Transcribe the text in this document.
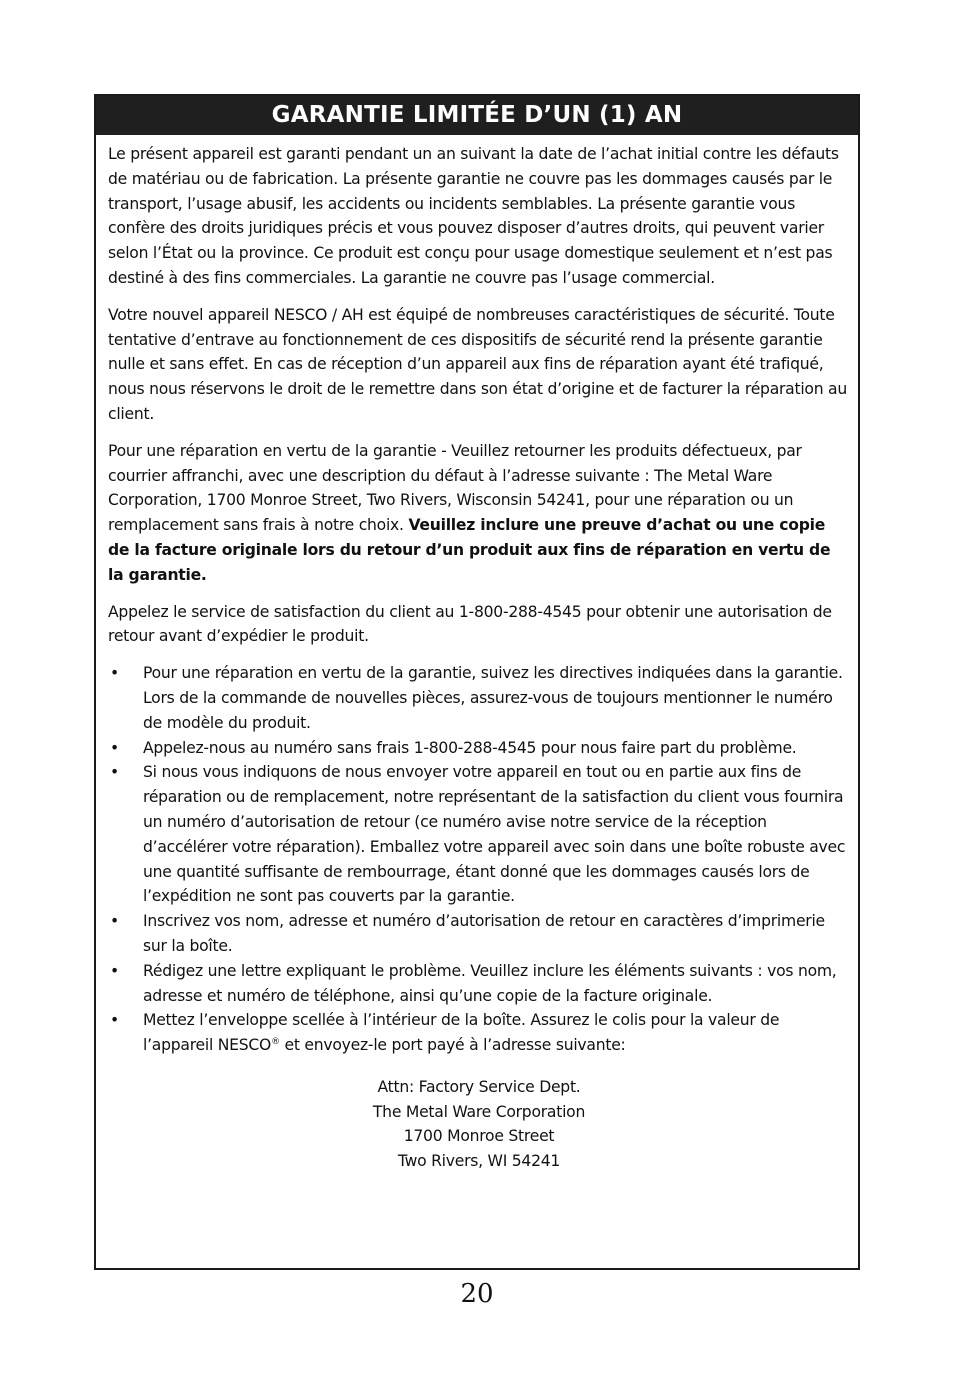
GARANTIE LIMITÉE D’UN (1) AN

Le présent appareil est garanti pendant un an suivant la date de l’achat initial contre les défauts de matériau ou de fabrication. La présente garantie ne couvre pas les dommages causés par le transport, l’usage abusif, les accidents ou incidents semblables. La présente garantie vous confère des droits juridiques précis et vous pouvez disposer d’autres droits, qui peuvent varier selon l’État ou la province. Ce produit est conçu pour usage domestique seulement et n’est pas destiné à des fins commerciales. La garantie ne couvre pas l’usage commercial.

Votre nouvel appareil NESCO / AH est équipé de nombreuses caractéristiques de sécurité. Toute tentative d’entrave au fonctionnement de ces dispositifs de sécurité rend la présente garantie nulle et sans effet. En cas de réception d’un appareil aux fins de réparation ayant été trafiqué, nous nous réservons le droit de le remettre dans son état d’origine et de facturer la réparation au client.

Pour une réparation en vertu de la garantie - Veuillez retourner les produits défectueux, par courrier affranchi, avec une description du défaut à l’adresse suivante : The Metal Ware Corporation, 1700 Monroe Street, Two Rivers, Wisconsin 54241, pour une réparation ou un remplacement sans frais à notre choix. Veuillez inclure une preuve d’achat ou une copie de la facture originale lors du retour d’un produit aux fins de réparation en vertu de la garantie.

Appelez le service de satisfaction du client au 1-800-288-4545 pour obtenir une autorisation de retour avant d’expédier le produit.

• Pour une réparation en vertu de la garantie, suivez les directives indiquées dans la garantie. Lors de la commande de nouvelles pièces, assurez-vous de toujours mentionner le numéro de modèle du produit.
• Appelez-nous au numéro sans frais 1-800-288-4545 pour nous faire part du problème.
• Si nous vous indiquons de nous envoyer votre appareil en tout ou en partie aux fins de réparation ou de remplacement, notre représentant de la satisfaction du client vous fournira un numéro d’autorisation de retour (ce numéro avise notre service de la réception d’accélérer votre réparation). Emballez votre appareil avec soin dans une boîte robuste avec une quantité suffisante de rembourrage, étant donné que les dommages causés lors de l’expédition ne sont pas couverts par la garantie.
• Inscrivez vos nom, adresse et numéro d’autorisation de retour en caractères d’imprimerie sur la boîte.
• Rédigez une lettre expliquant le problème. Veuillez inclure les éléments suivants : vos nom, adresse et numéro de téléphone, ainsi qu’une copie de la facture originale.
• Mettez l’enveloppe scellée à l’intérieur de la boîte. Assurez le colis pour la valeur de l’appareil NESCO® et envoyez-le port payé à l’adresse suivante:
Attn: Factory Service Dept.
The Metal Ware Corporation
1700 Monroe Street
Two Rivers, WI 54241
20
